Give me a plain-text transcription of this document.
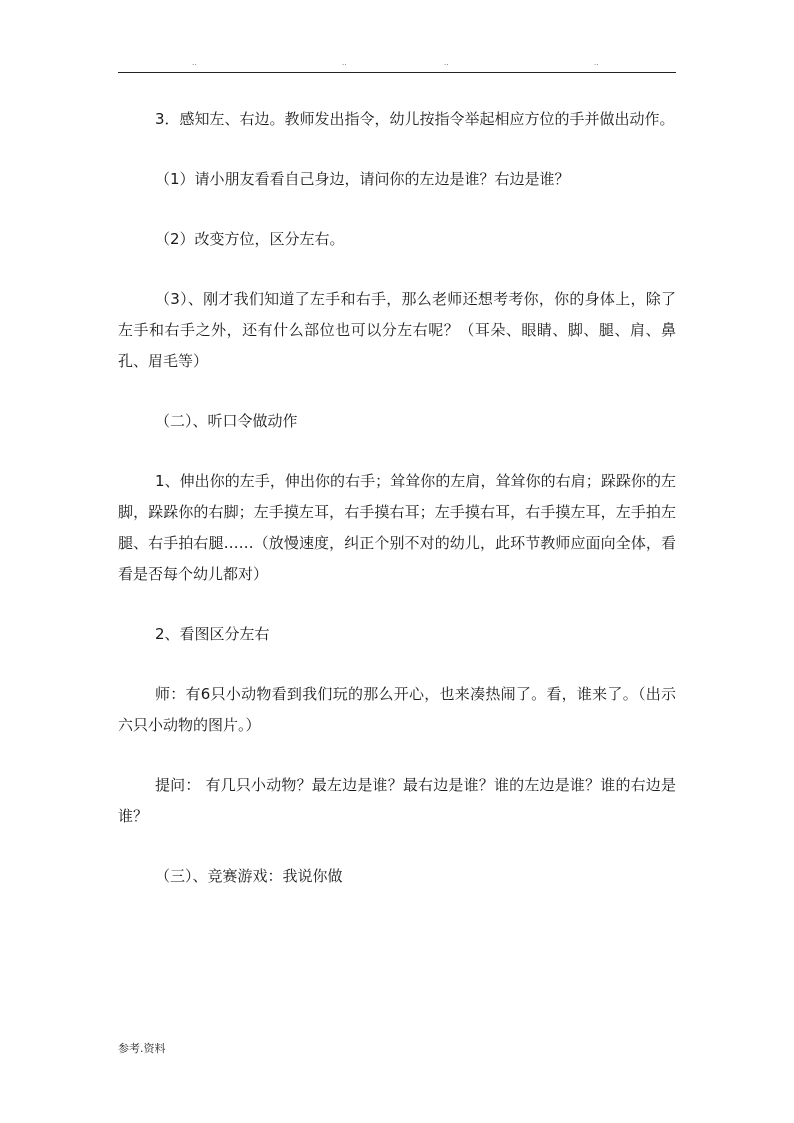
..	..	..	..

3．感知左、右边。教师发出指令，幼儿按指令举起相应方位的手并做出动作。

（1）请小朋友看看自己身边，请问你的左边是谁？右边是谁？

（2）改变方位，区分左右。

（3）、刚才我们知道了左手和右手，那么老师还想考考你，你的身体上，除了左手和右手之外，还有什么部位也可以分左右呢？（耳朵、眼睛、脚、腿、肩、鼻孔、眉毛等）

（二）、听口令做动作

1、伸出你的左手，伸出你的右手；耸耸你的左肩，耸耸你的右肩；跺跺你的左脚，跺跺你的右脚；左手摸左耳，右手摸右耳；左手摸右耳，右手摸左耳，左手拍左腿、右手拍右腿……（放慢速度，纠正个别不对的幼儿，此环节教师应面向全体，看看是否每个幼儿都对）

2、看图区分左右

师：有6只小动物看到我们玩的那么开心，也来凑热闹了。看，谁来了。（出示六只小动物的图片。）

提问： 有几只小动物？最左边是谁？最右边是谁？谁的左边是谁？谁的右边是谁？

（三）、竞赛游戏：我说你做

参考.资料
